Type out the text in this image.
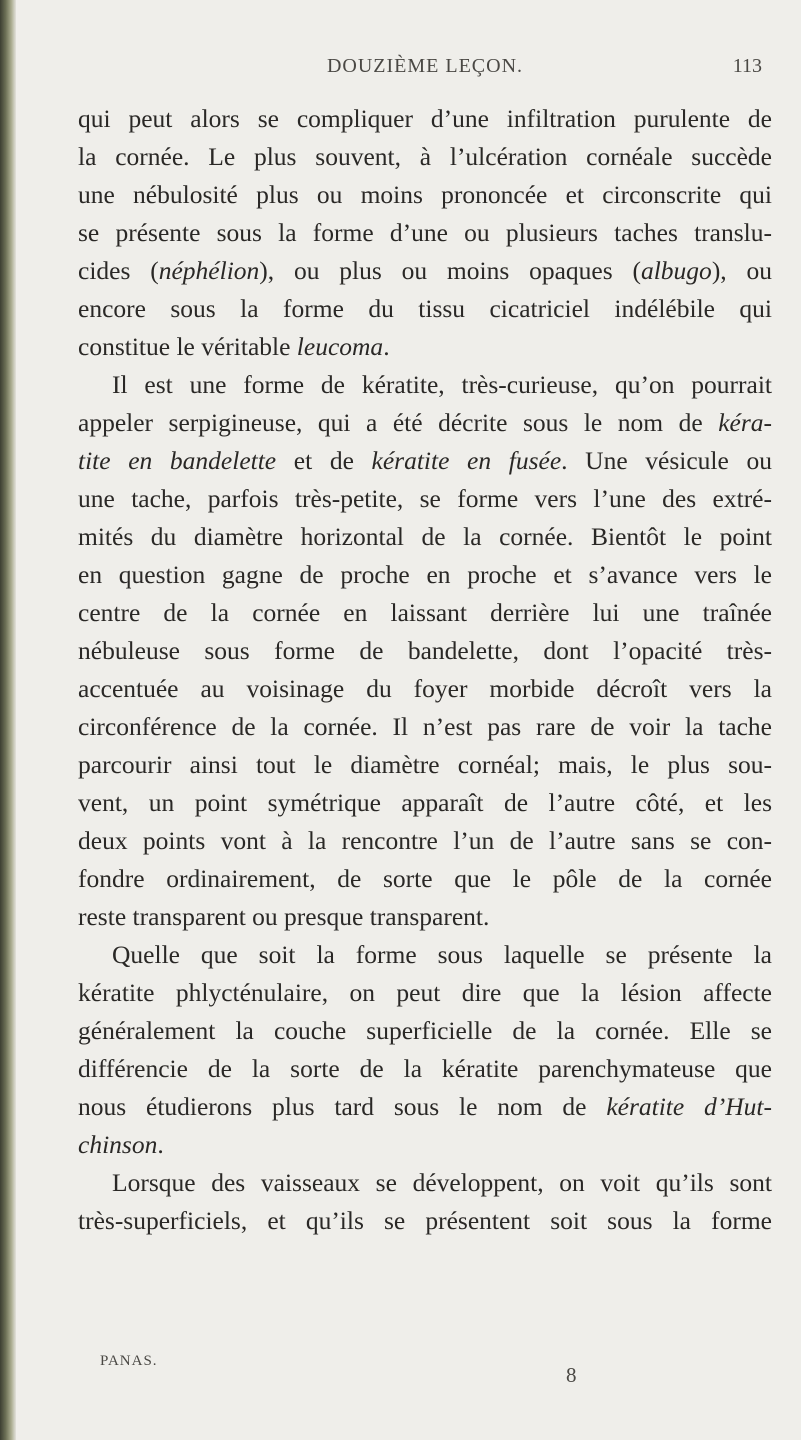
DOUZIÈME LEÇON.	113
qui peut alors se compliquer d’une infiltration purulente de
la cornée. Le plus souvent, à l’ulcération cornéale succède
une nébulosité plus ou moins prononcée et circonscrite qui
se présente sous la forme d’une ou plusieurs taches translu-
cides (néphélion), ou plus ou moins opaques (albugo), ou
encore sous la forme du tissu cicatriciel indélébile qui
constitue le véritable leucoma.
Il est une forme de kératite, très-curieuse, qu’on pourrait
appeler serpigineuse, qui a été décrite sous le nom de kéra-
tite en bandelette et de kératite en fusée. Une vésicule ou
une tache, parfois très-petite, se forme vers l’une des extré-
mités du diamètre horizontal de la cornée. Bientôt le point
en question gagne de proche en proche et s’avance vers le
centre de la cornée en laissant derrière lui une traînée
nébuleuse sous forme de bandelette, dont l’opacité très-
accentuée au voisinage du foyer morbide décroît vers la
circonférence de la cornée. Il n’est pas rare de voir la tache
parcourir ainsi tout le diamètre cornéal; mais, le plus sou-
vent, un point symétrique apparaît de l’autre côté, et les
deux points vont à la rencontre l’un de l’autre sans se con-
fondre ordinairement, de sorte que le pôle de la cornée
reste transparent ou presque transparent.
Quelle que soit la forme sous laquelle se présente la
kératite phlycténulaire, on peut dire que la lésion affecte
généralement la couche superficielle de la cornée. Elle se
différencie de la sorte de la kératite parenchymateuse que
nous étudierons plus tard sous le nom de kératite d’Hut-
chinson.
Lorsque des vaisseaux se développent, on voit qu’ils sont
très-superficiels, et qu’ils se présentent soit sous la forme
PANAS.
8
